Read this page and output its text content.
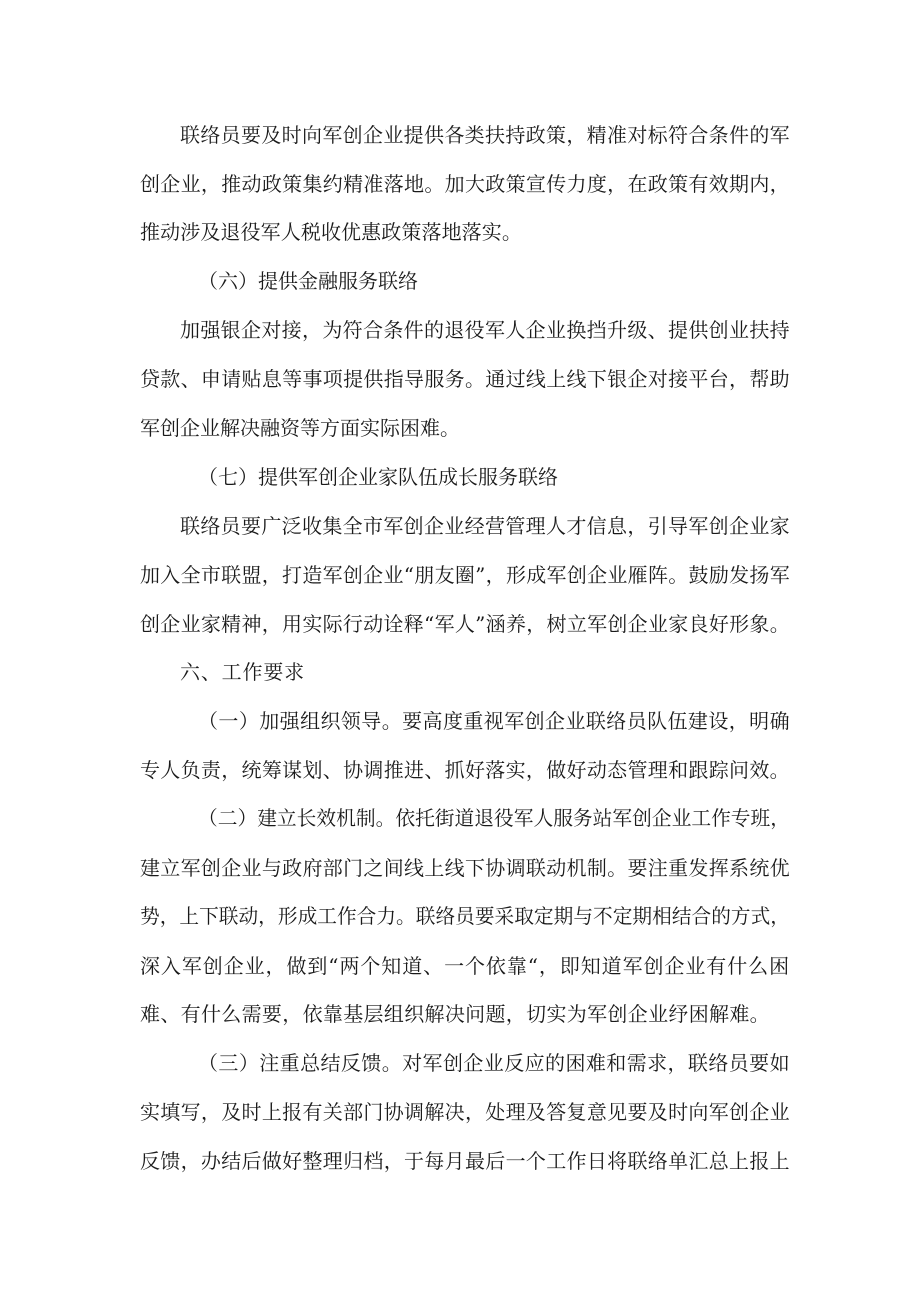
联络员要及时向军创企业提供各类扶持政策，精准对标符合条件的军
创企业，推动政策集约精准落地。加大政策宣传力度，在政策有效期内，
推动涉及退役军人税收优惠政策落地落实。
（六）提供金融服务联络
加强银企对接，为符合条件的退役军人企业换挡升级、提供创业扶持
贷款、申请贴息等事项提供指导服务。通过线上线下银企对接平台，帮助
军创企业解决融资等方面实际困难。
（七）提供军创企业家队伍成长服务联络
联络员要广泛收集全市军创企业经营管理人才信息，引导军创企业家
加入全市联盟，打造军创企业“朋友圈”，形成军创企业雁阵。鼓励发扬军
创企业家精神，用实际行动诠释“军人”涵养，树立军创企业家良好形象。
六、工作要求
（一）加强组织领导。要高度重视军创企业联络员队伍建设，明确
专人负责，统筹谋划、协调推进、抓好落实，做好动态管理和跟踪问效。
（二）建立长效机制。依托街道退役军人服务站军创企业工作专班，
建立军创企业与政府部门之间线上线下协调联动机制。要注重发挥系统优
势，上下联动，形成工作合力。联络员要采取定期与不定期相结合的方式，
深入军创企业，做到“两个知道、一个依靠“，即知道军创企业有什么困
难、有什么需要，依靠基层组织解决问题，切实为军创企业纾困解难。
（三）注重总结反馈。对军创企业反应的困难和需求，联络员要如
实填写，及时上报有关部门协调解决，处理及答复意见要及时向军创企业
反馈，办结后做好整理归档，于每月最后一个工作日将联络单汇总上报上
